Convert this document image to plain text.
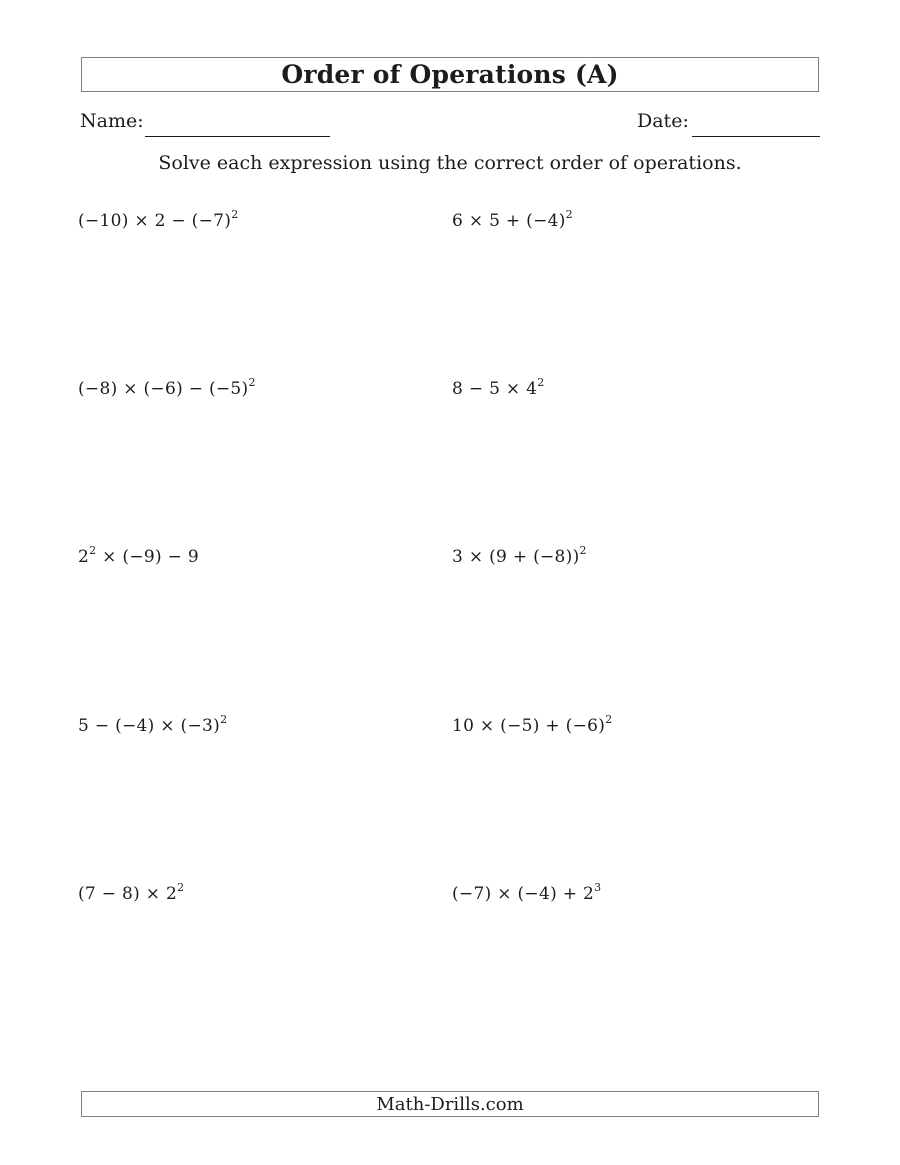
Order of Operations (A)
Name:	Date:
Solve each expression using the correct order of operations.
$(-10) \times 2 - (-7)^2$	$6 \times 5 + (-4)^2$
$(-8) \times (-6) - (-5)^2$	$8 - 5 \times 4^2$
$2^2 \times (-9) - 9$	$3 \times (9 + (-8))^2$
$5 - (-4) \times (-3)^2$	$10 \times (-5) + (-6)^2$
$(7 - 8) \times 2^2$	$(-7) \times (-4) + 2^3$
Math-Drills.com
